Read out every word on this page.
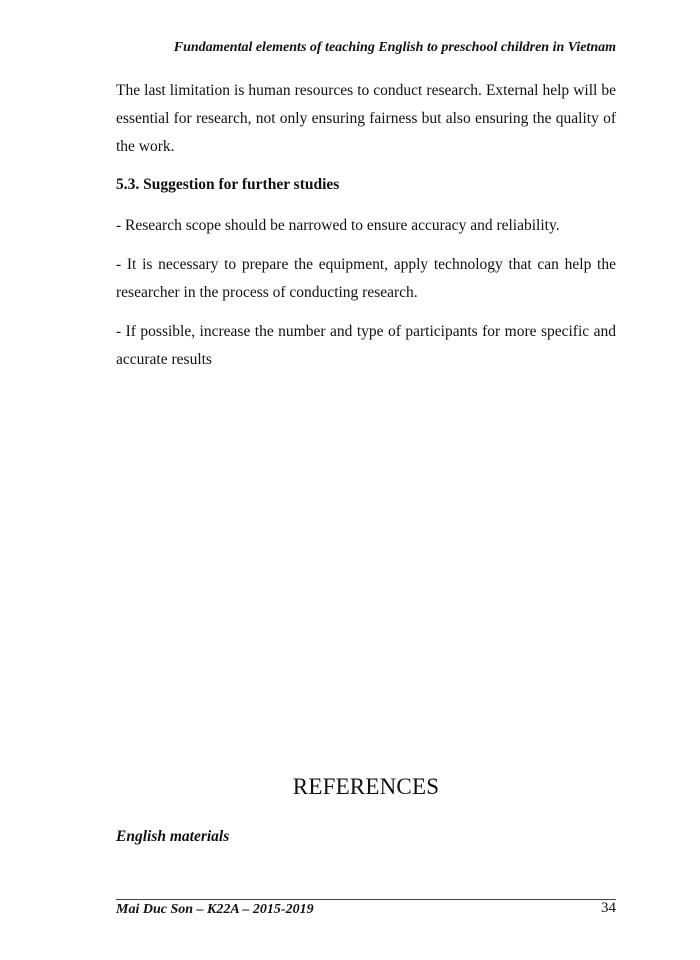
Fundamental elements of teaching English to preschool children in Vietnam

The last limitation is human resources to conduct research. External help will be essential for research, not only ensuring fairness but also ensuring the quality of the work.

5.3. Suggestion for further studies

- Research scope should be narrowed to ensure accuracy and reliability.

- It is necessary to prepare the equipment, apply technology that can help the researcher in the process of conducting research.

- If possible, increase the number and type of participants for more specific and accurate results

REFERENCES
English materials
Mai Duc Son – K22A – 2015-2019	34
